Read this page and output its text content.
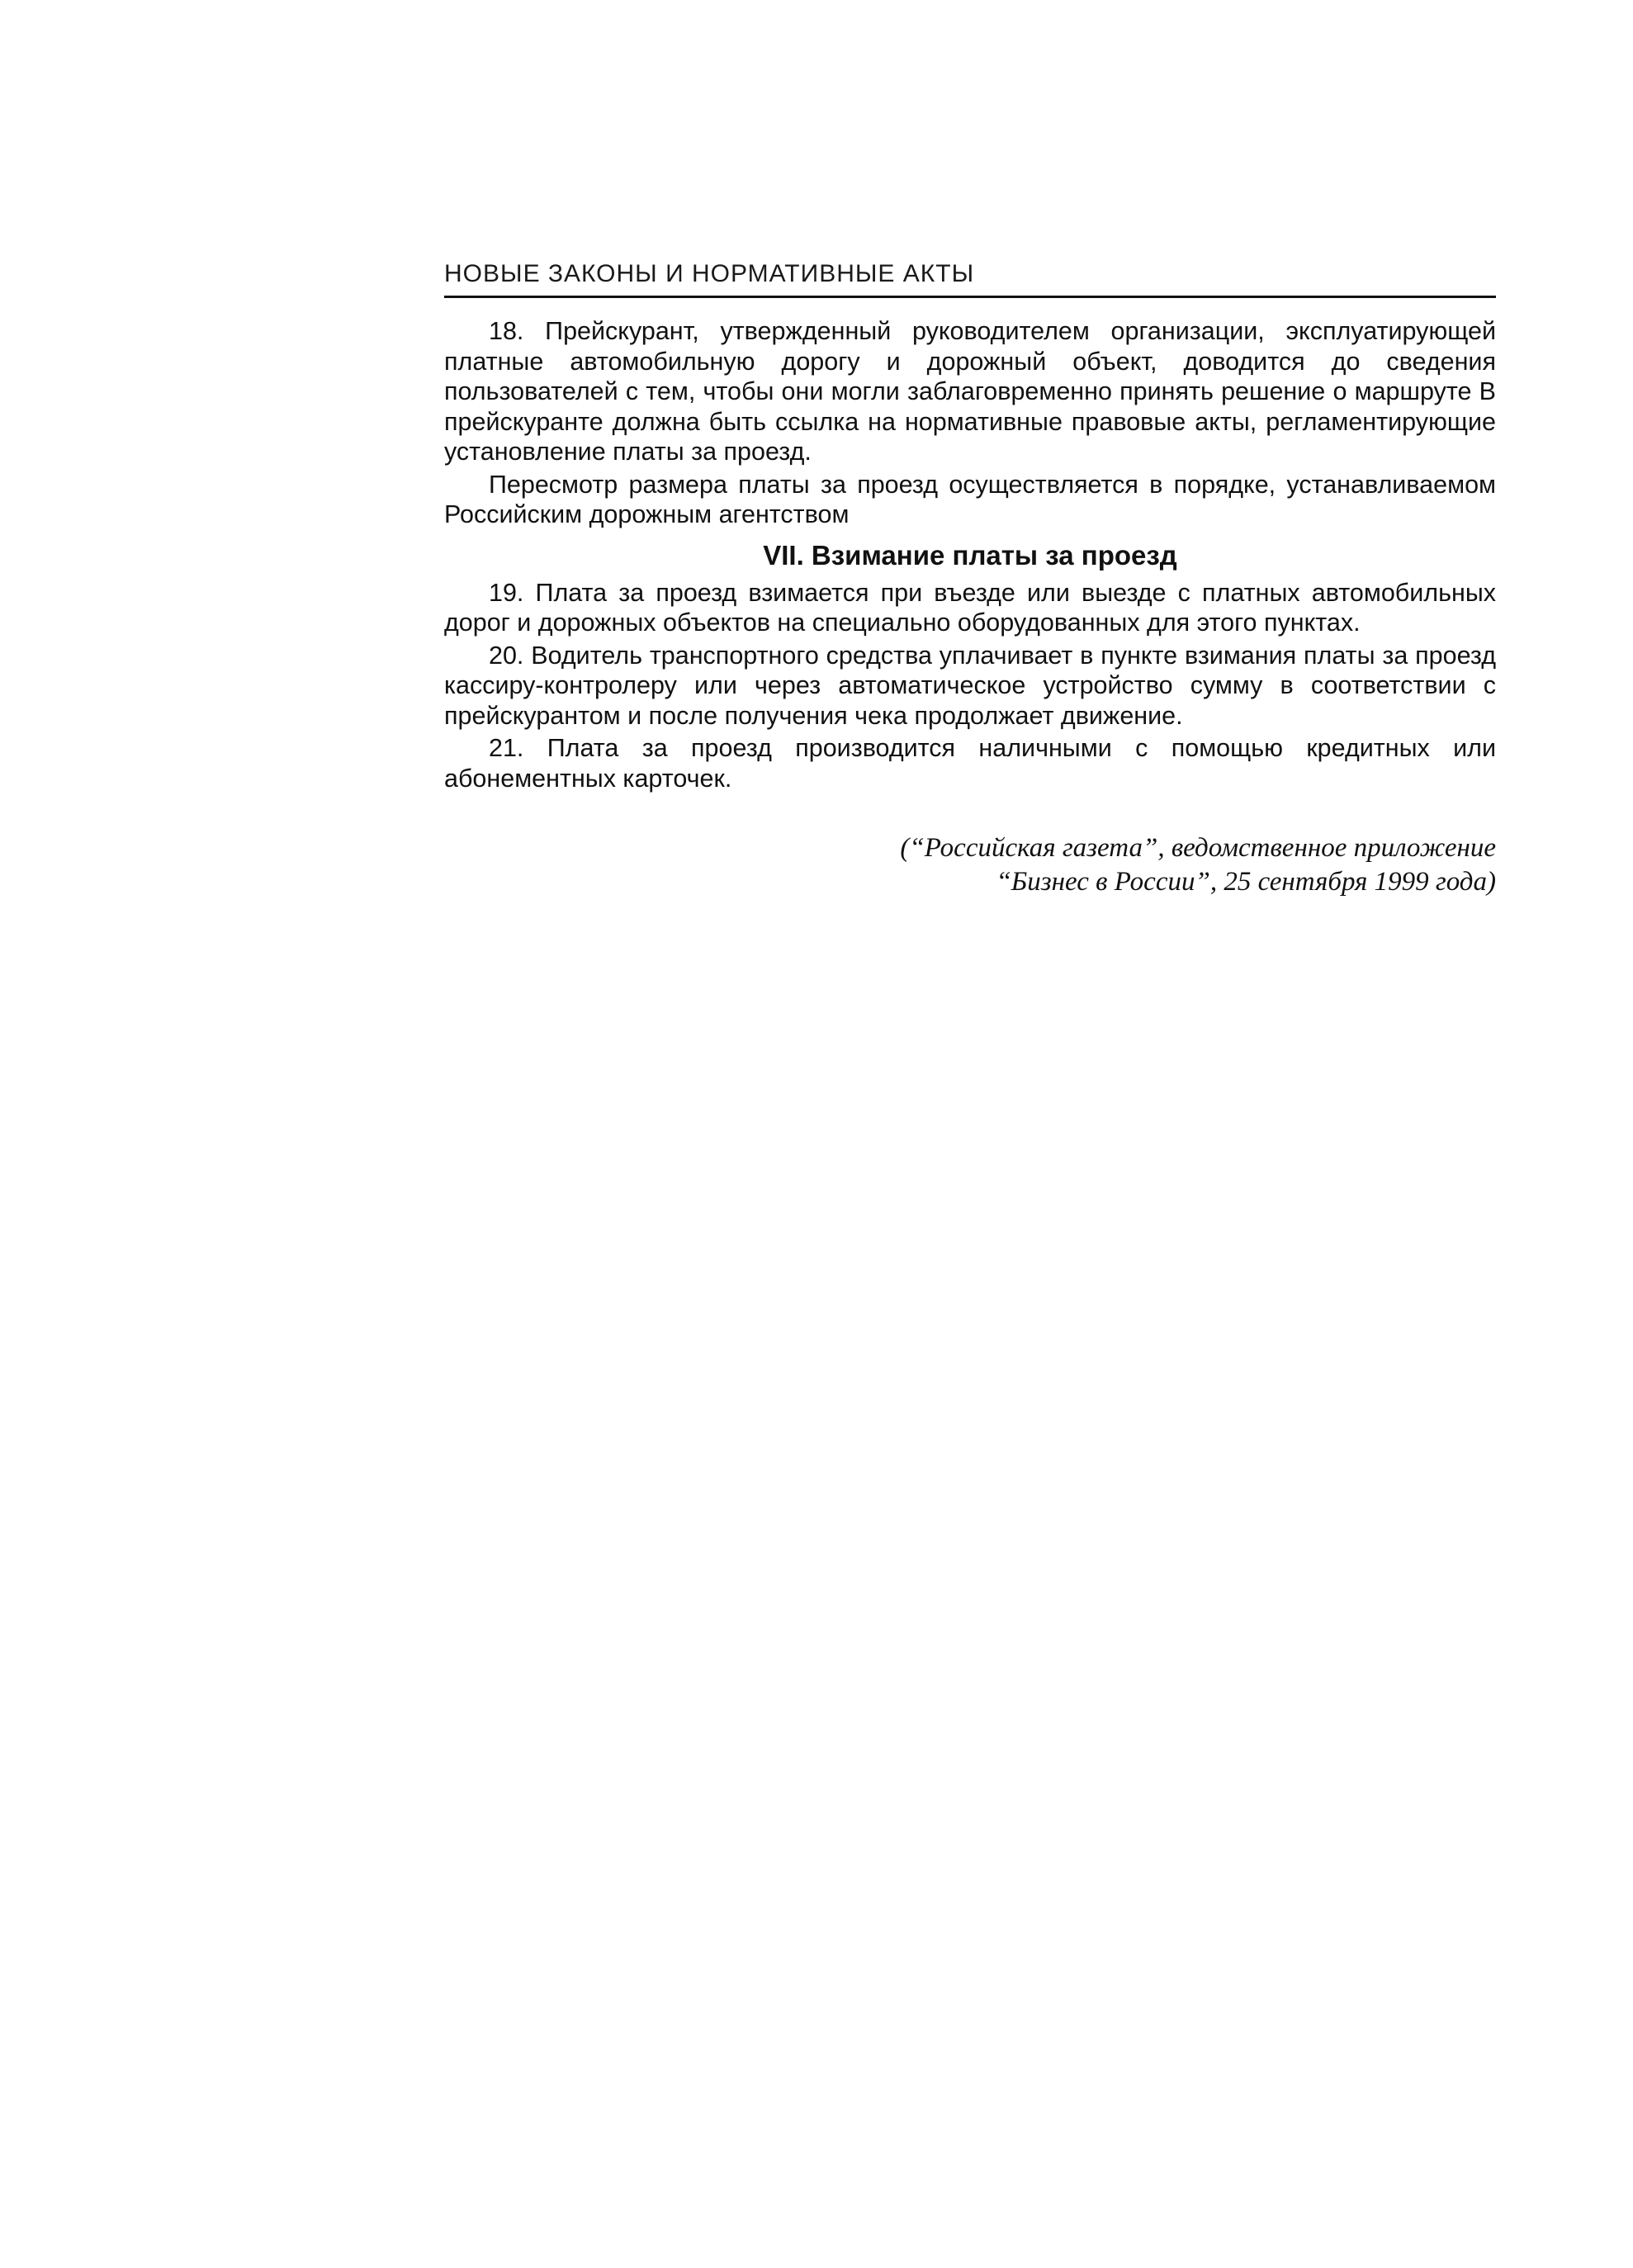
НОВЫЕ ЗАКОНЫ И НОРМАТИВНЫЕ АКТЫ

18. Прейскурант, утвержденный руководителем организации, эксплуатирующей платные автомобильную дорогу и дорожный объект, доводится до сведения пользователей с тем, чтобы они могли заблаговременно принять решение о маршруте В прейскуранте должна быть ссылка на нормативные правовые акты, регламентирующие установление платы за проезд.

Пересмотр размера платы за проезд осуществляется в порядке, устанавливаемом Российским дорожным агентством

VII. Взимание платы за проезд

19. Плата за проезд взимается при въезде или выезде с платных автомобильных дорог и дорожных объектов на специально оборудованных для этого пунктах.

20. Водитель транспортного средства уплачивает в пункте взимания платы за проезд кассиру-контролеру или через автоматическое устройство сумму в соответствии с прейскурантом и после получения чека продолжает движение.

21. Плата за проезд производится наличными с помощью кредитных или абонементных карточек.

(“Российская газета”, ведомственное приложение
“Бизнес в России”, 25 сентября 1999 года)
